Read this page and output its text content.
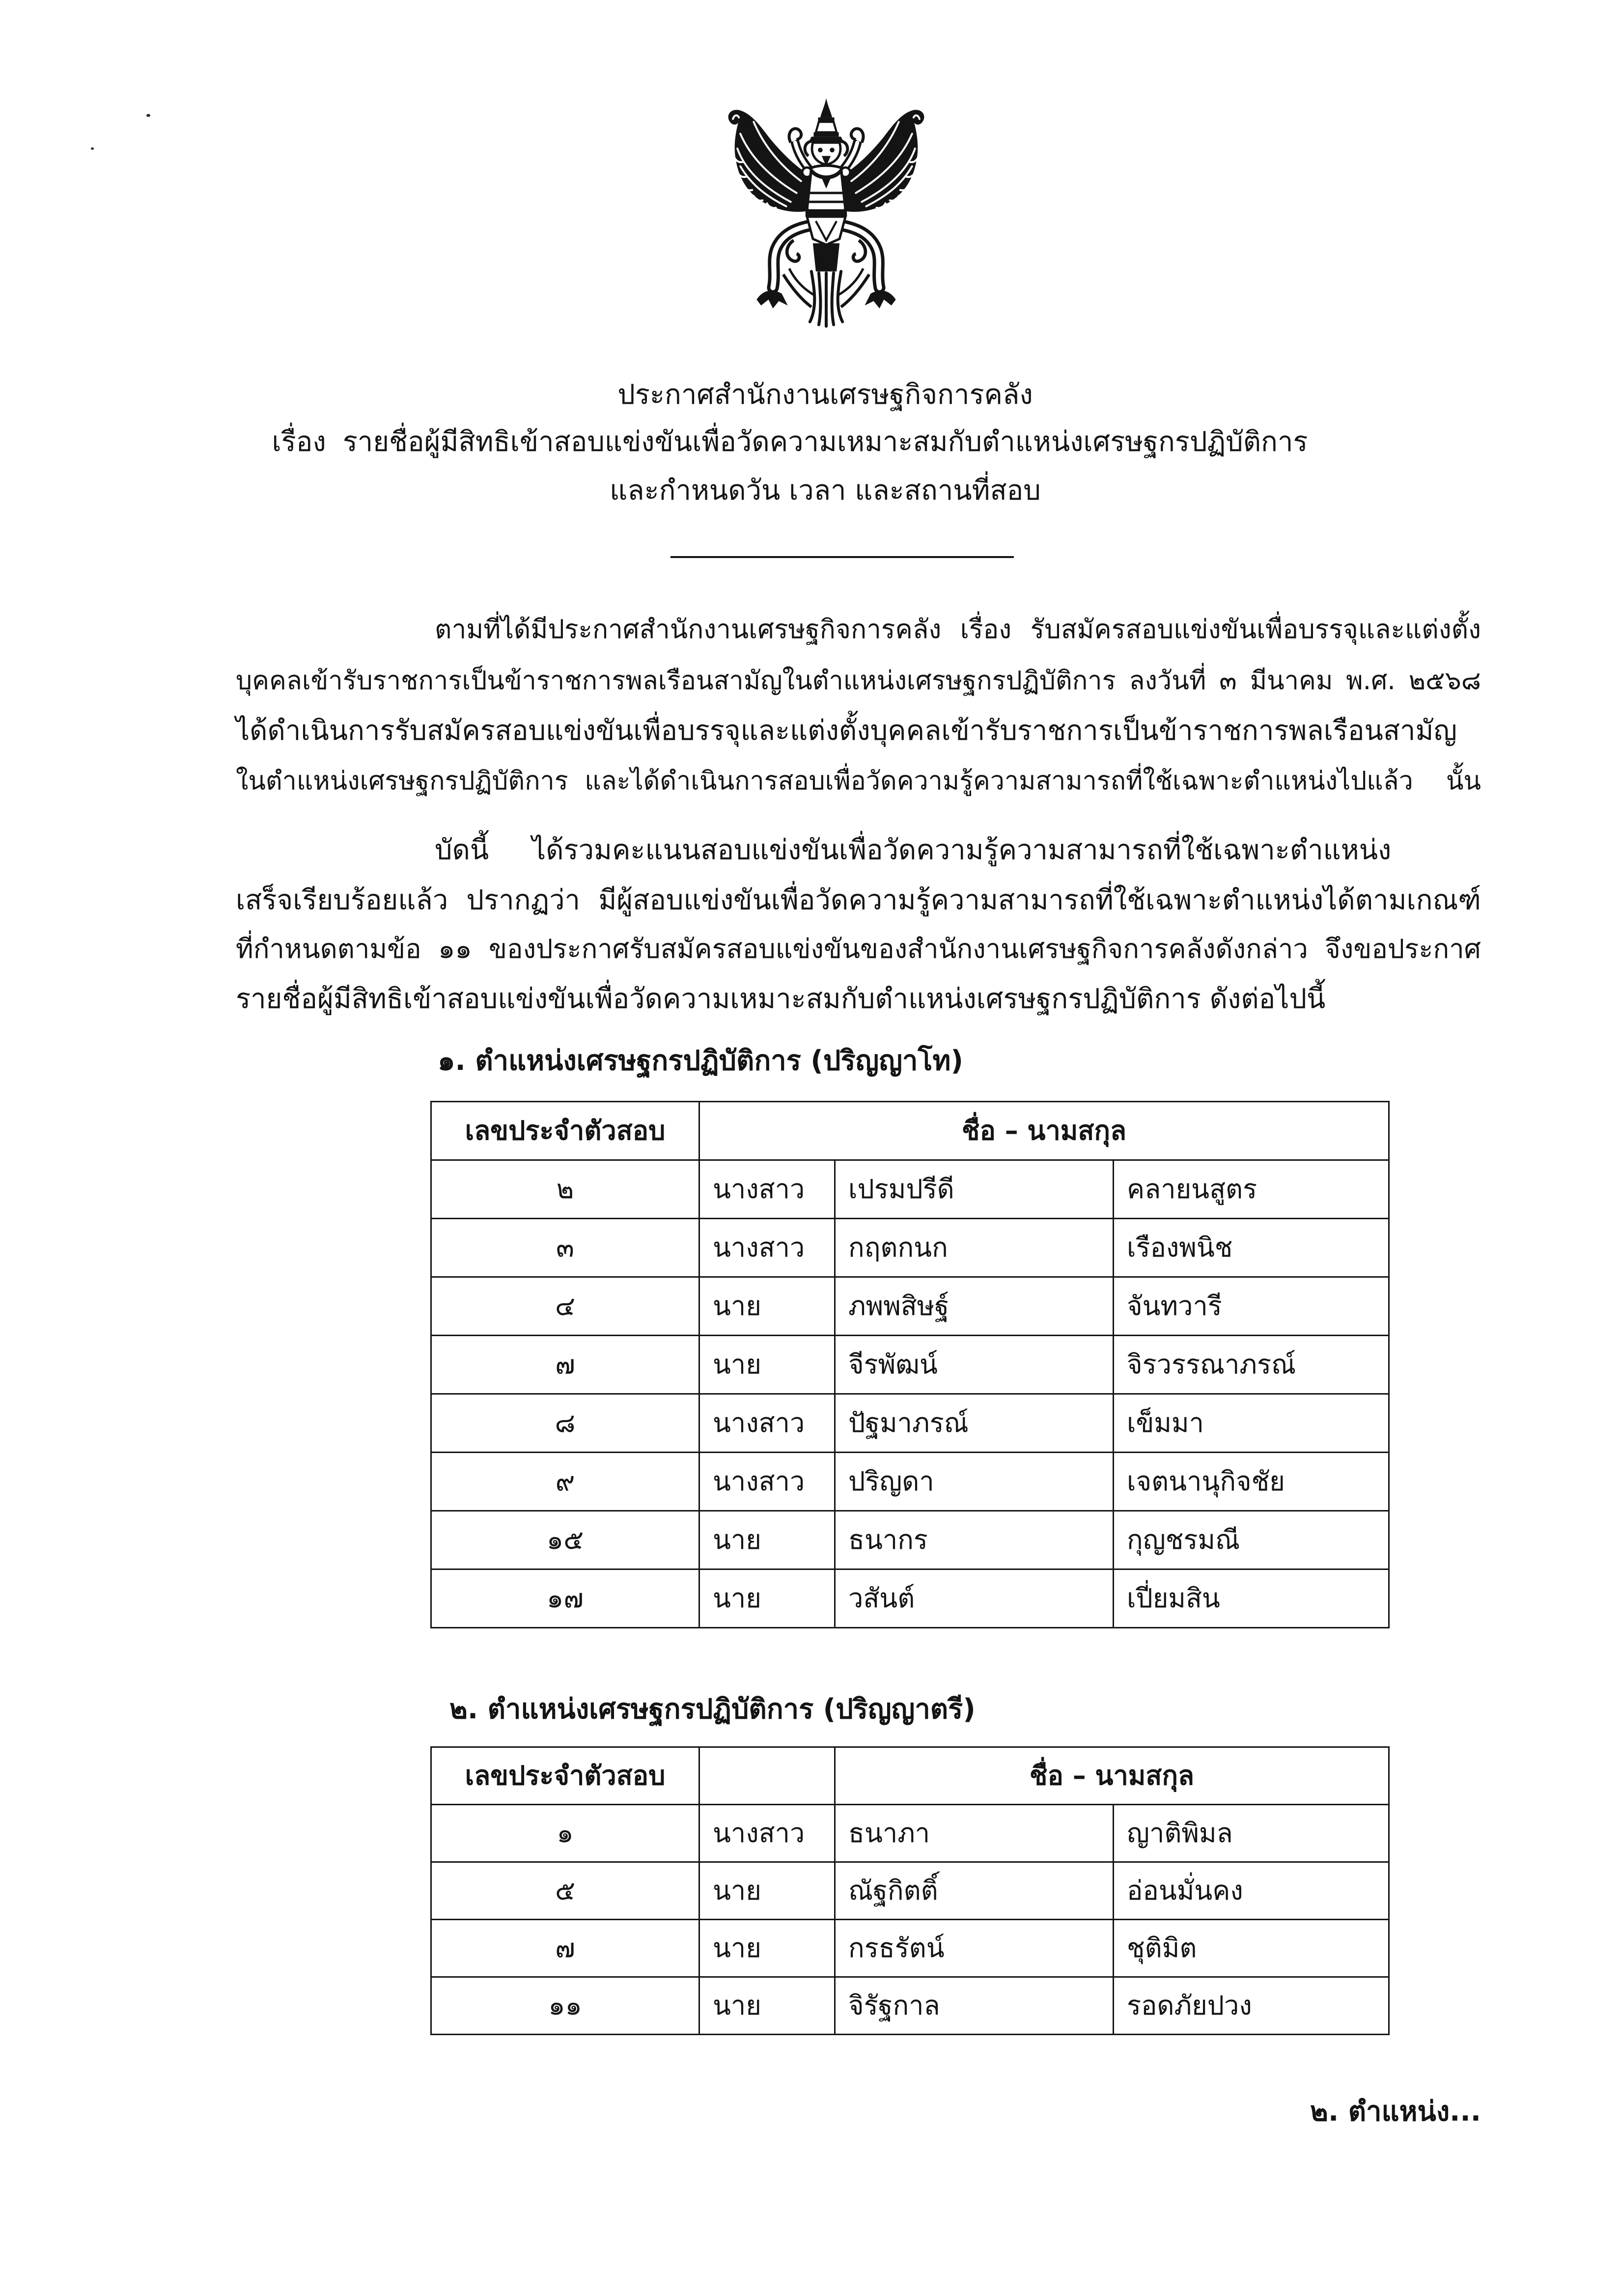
ประกาศสำนักงานเศรษฐกิจการคลัง
เรื่อง รายชื่อผู้มีสิทธิเข้าสอบแข่งขันเพื่อวัดความเหมาะสมกับตำแหน่งเศรษฐกรปฏิบัติการ
และกำหนดวัน เวลา และสถานที่สอบ
ตามที่ได้มีประกาศสำนักงานเศรษฐกิจการคลัง เรื่อง รับสมัครสอบแข่งขันเพื่อบรรจุและแต่งตั้ง
บุคคลเข้ารับราชการเป็นข้าราชการพลเรือนสามัญในตำแหน่งเศรษฐกรปฏิบัติการ ลงวันที่ ๓ มีนาคม พ.ศ. ๒๕๖๘
ได้ดำเนินการรับสมัครสอบแข่งขันเพื่อบรรจุและแต่งตั้งบุคคลเข้ารับราชการเป็นข้าราชการพลเรือนสามัญ
ในตำแหน่งเศรษฐกรปฏิบัติการ และได้ดำเนินการสอบเพื่อวัดความรู้ความสามารถที่ใช้เฉพาะตำแหน่งไปแล้ว  นั้น
บัดนี้ ได้รวมคะแนนสอบแข่งขันเพื่อวัดความรู้ความสามารถที่ใช้เฉพาะตำแหน่ง
เสร็จเรียบร้อยแล้ว ปรากฏว่า มีผู้สอบแข่งขันเพื่อวัดความรู้ความสามารถที่ใช้เฉพาะตำแหน่งได้ตามเกณฑ์
ที่กำหนดตามข้อ ๑๑ ของประกาศรับสมัครสอบแข่งขันของสำนักงานเศรษฐกิจการคลังดังกล่าว จึงขอประกาศ
รายชื่อผู้มีสิทธิเข้าสอบแข่งขันเพื่อวัดความเหมาะสมกับตำแหน่งเศรษฐกรปฏิบัติการ ดังต่อไปนี้
๑. ตำแหน่งเศรษฐกรปฏิบัติการ (ปริญญาโท)
เลขประจำตัวสอบ	ชื่อ – นามสกุล		
๒	นางสาว	เปรมปรีดี	คลายนสูตร
๓	นางสาว	กฤตกนก	เรืองพนิช
๔	นาย	ภพพสิษฐ์	จันทวารี
๗	นาย	จีรพัฒน์	จิรวรรณาภรณ์
๘	นางสาว	ปัฐมาภรณ์	เข็มมา
๙	นางสาว	ปริญดา	เจตนานุกิจชัย
๑๕	นาย	ธนากร	กุญชรมณี
๑๗	นาย	วสันต์	เปี่ยมสิน
๒. ตำแหน่งเศรษฐกรปฏิบัติการ (ปริญญาตรี)
เลขประจำตัวสอบ		ชื่อ – นามสกุล	
๑	นางสาว	ธนาภา	ญาติพิมล
๕	นาย	ณัฐกิตติ์	อ่อนมั่นคง
๗	นาย	กรธรัตน์	ชุติมิต
๑๑	นาย	จิรัฐกาล	รอดภัยปวง
๒. ตำแหน่ง...
